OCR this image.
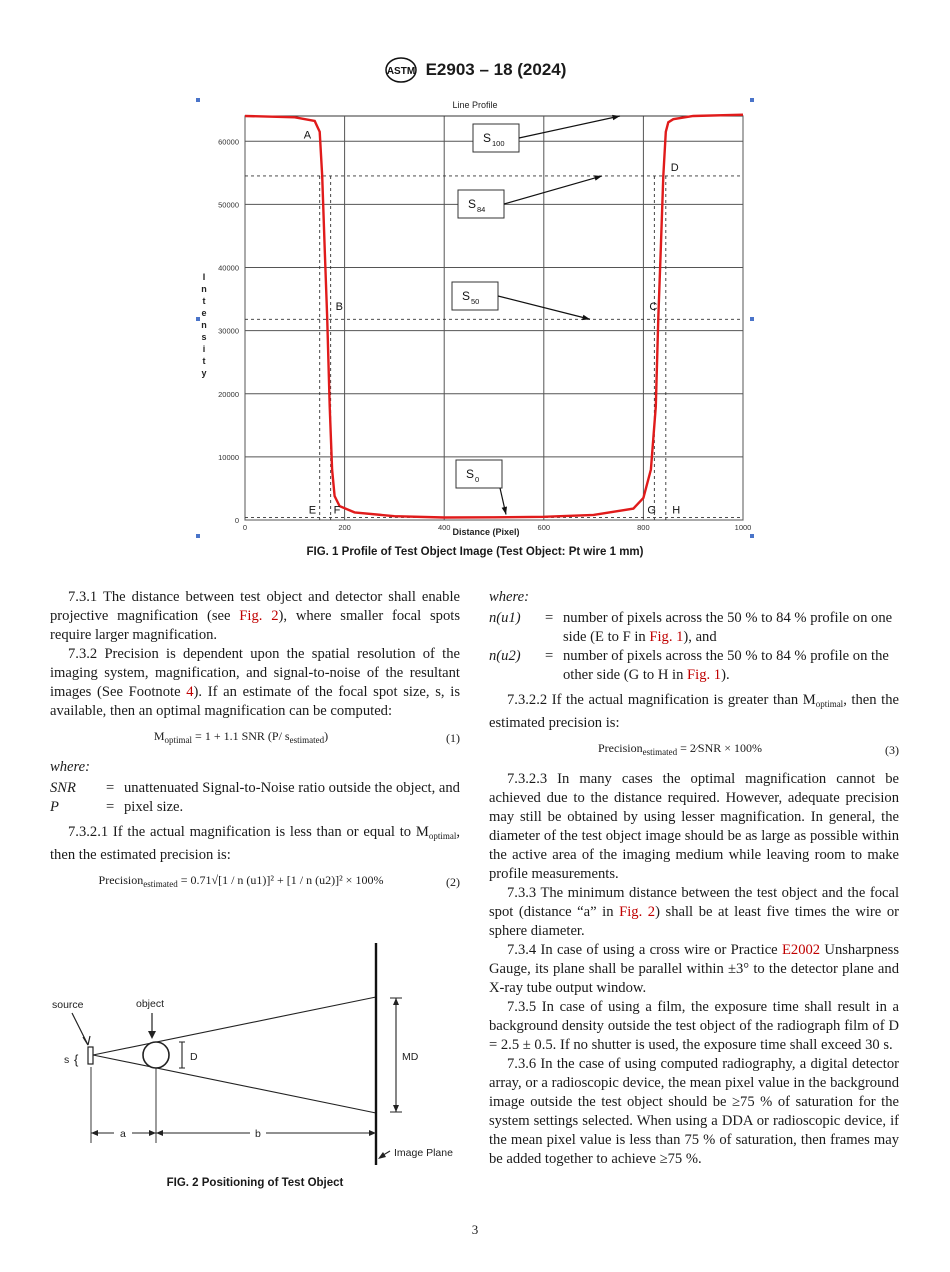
ASTM E2903 – 18 (2024)
0	200	400	600	800	1000
0
10000
20000
30000
40000
50000
60000	S 100
S 84
S 50
S 0
A
B	C
D
E F	G H
Line Profile
Distance (Pixel)
I
n
t
e
n
s
i
t
y
FIG. 1 Profile of Test Object Image (Test Object: Pt wire 1 mm)

7.3.1 The distance between test object and detector shall enable projective magnification (see Fig. 2), where smaller focal spots require larger magnification.

7.3.2 Precision is dependent upon the spatial resolution of the imaging system, magnification, and signal-to-noise of the resultant images (See Footnote 4). If an estimate of the focal spot size, s, is available, then an optimal magnification can be computed:

$M_{optimal} = 1 + 1.1$ SNR (P/ $s_{estimated}$)	(1)
where:
SNR	= unattenuated Signal-to-Noise ratio outside the object, and
P	= pixel size.

7.3.2.1 If the actual magnification is less than or equal to $M_{optimal}$, then the estimated precision is:

Precision$_{estimated}$ = 0.71√[1 / n (u1)]² + [1 / n (u2)]² × 100%	(2)
source	object
s {	D	MD
a	b
Image Plane
FIG. 2 Positioning of Test Object
where:
n(u1)	= number of pixels across the 50 % to 84 % profile on one side (E to F in Fig. 1), and
n(u2)	= number of pixels across the 50 % to 84 % profile on the other side (G to H in Fig. 1).

7.3.2.2 If the actual magnification is greater than $M_{optimal}$, then the estimated precision is:

Precision$_{estimated}$ = 2⁄SNR × 100%	(3)

7.3.2.3 In many cases the optimal magnification cannot be achieved due to the distance required. However, adequate precision may still be obtained by using lesser magnification. In general, the diameter of the test object image should be as large as possible within the active area of the imaging medium while leaving room to make profile measurements.

7.3.3 The minimum distance between the test object and the focal spot (distance “a” in Fig. 2) shall be at least five times the wire or sphere diameter.

7.3.4 In case of using a cross wire or Practice E2002 Unsharpness Gauge, its plane shall be parallel within ±3° to the detector plane and X-ray tube output window.

7.3.5 In case of using a film, the exposure time shall result in a background density outside the test object of the radiograph film of D = 2.5 ± 0.5. If no shutter is used, the exposure time shall exceed 30 s.

7.3.6 In the case of using computed radiography, a digital detector array, or a radioscopic device, the mean pixel value in the background image outside the test object should be ≥75 % of saturation for the system settings selected. When using a DDA or radioscopic device, if the mean pixel value is less than 75 % of saturation, then frames may be added together to achieve ≥75 %.

3
